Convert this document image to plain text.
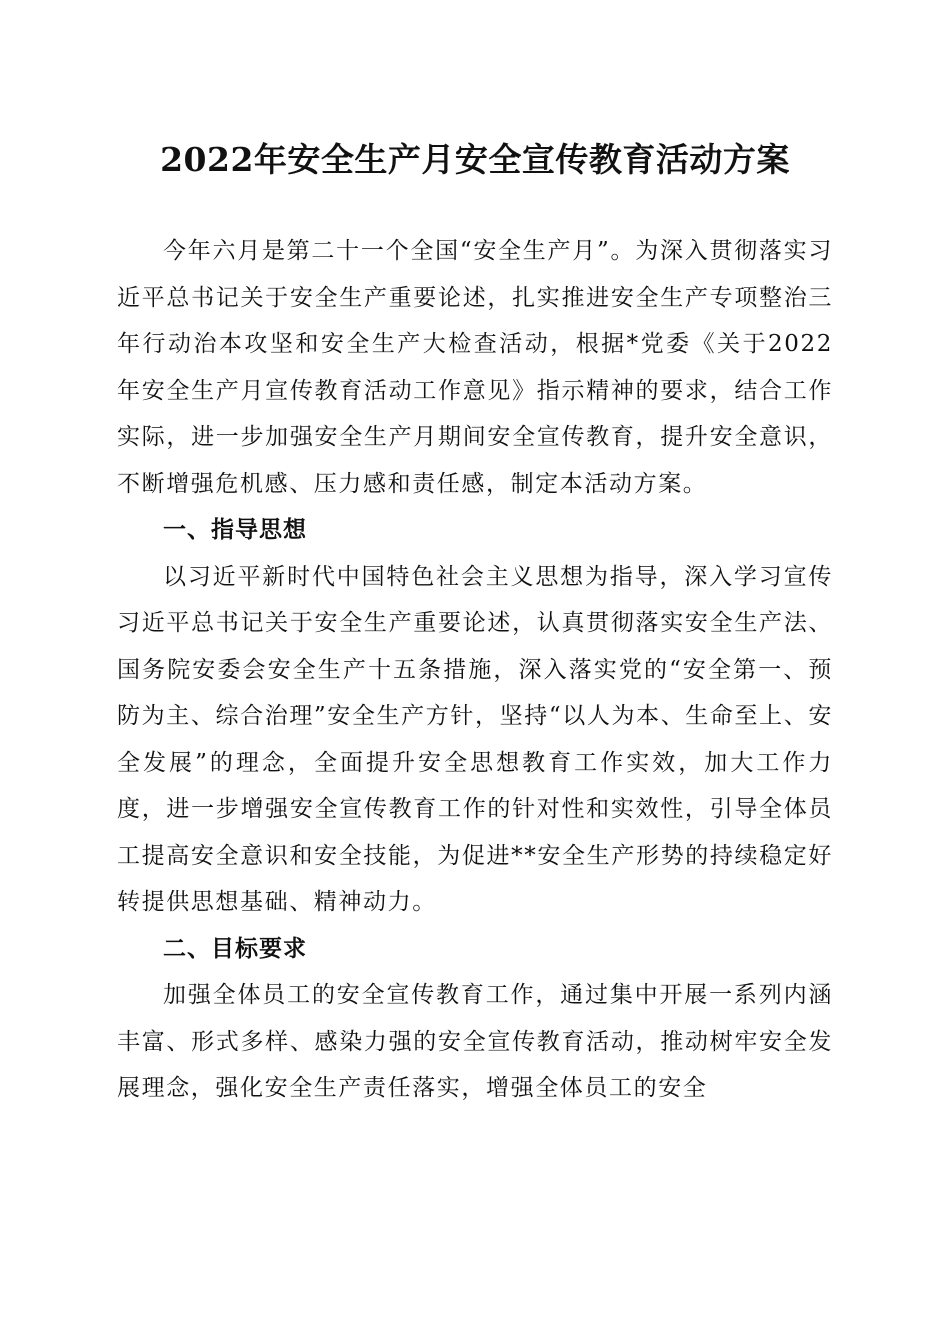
2022年安全生产月安全宣传教育活动方案

今年六月是第二十一个全国“安全生产月”。为深入贯彻落实习近平总书记关于安全生产重要论述，扎实推进安全生产专项整治三年行动治本攻坚和安全生产大检查活动，根据*党委《关于2022年安全生产月宣传教育活动工作意见》指示精神的要求，结合工作实际，进一步加强安全生产月期间安全宣传教育，提升安全意识，不断增强危机感、压力感和责任感，制定本活动方案。

一、指导思想

以习近平新时代中国特色社会主义思想为指导，深入学习宣传习近平总书记关于安全生产重要论述，认真贯彻落实安全生产法、国务院安委会安全生产十五条措施，深入落实党的“安全第一、预防为主、综合治理”安全生产方针，坚持“以人为本、生命至上、安全发展”的理念，全面提升安全思想教育工作实效，加大工作力度，进一步增强安全宣传教育工作的针对性和实效性，引导全体员工提高安全意识和安全技能，为促进**安全生产形势的持续稳定好转提供思想基础、精神动力。

二、目标要求

加强全体员工的安全宣传教育工作，通过集中开展一系列内涵丰富、形式多样、感染力强的安全宣传教育活动，推动树牢安全发展理念，强化安全生产责任落实，增强全体员工的安全
